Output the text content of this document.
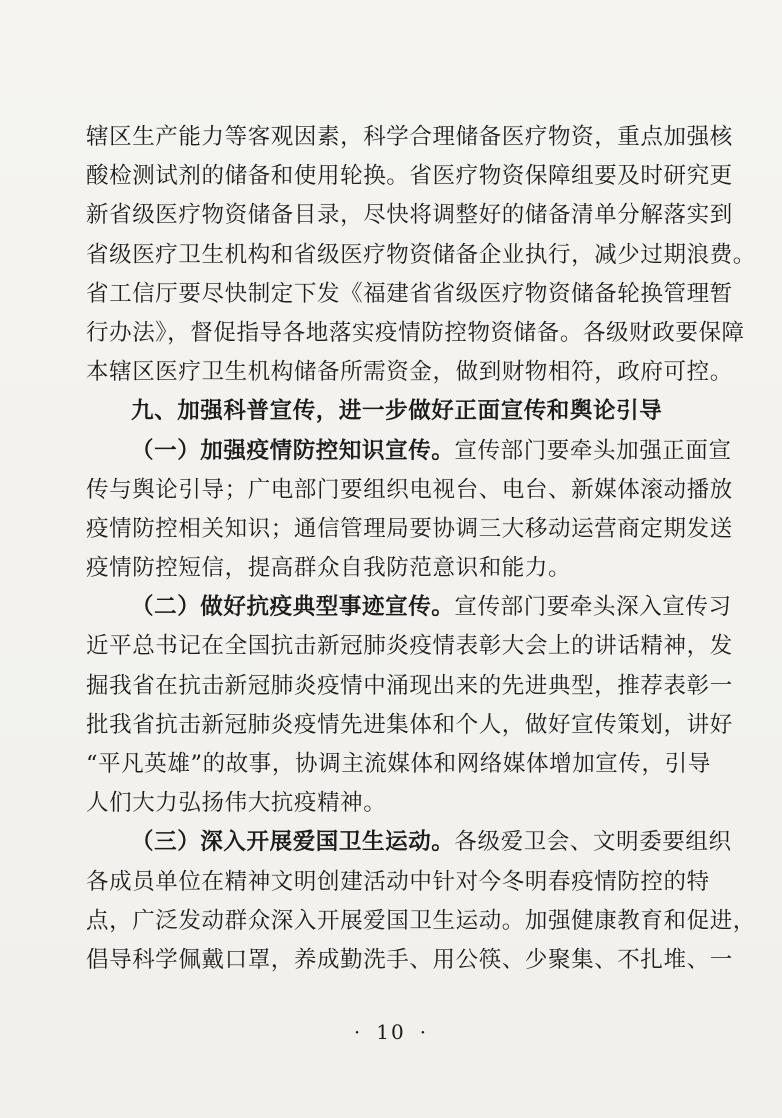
辖区生产能力等客观因素，科学合理储备医疗物资，重点加强核
酸检测试剂的储备和使用轮换。省医疗物资保障组要及时研究更
新省级医疗物资储备目录，尽快将调整好的储备清单分解落实到
省级医疗卫生机构和省级医疗物资储备企业执行，减少过期浪费。
省工信厅要尽快制定下发《福建省省级医疗物资储备轮换管理暂
行办法》，督促指导各地落实疫情防控物资储备。各级财政要保障
本辖区医疗卫生机构储备所需资金，做到财物相符，政府可控。
九、加强科普宣传，进一步做好正面宣传和舆论引导
（一）加强疫情防控知识宣传。宣传部门要牵头加强正面宣
传与舆论引导；广电部门要组织电视台、电台、新媒体滚动播放
疫情防控相关知识；通信管理局要协调三大移动运营商定期发送
疫情防控短信，提高群众自我防范意识和能力。
（二）做好抗疫典型事迹宣传。宣传部门要牵头深入宣传习
近平总书记在全国抗击新冠肺炎疫情表彰大会上的讲话精神，发
掘我省在抗击新冠肺炎疫情中涌现出来的先进典型，推荐表彰一
批我省抗击新冠肺炎疫情先进集体和个人，做好宣传策划，讲好
“平凡英雄”的故事，协调主流媒体和网络媒体增加宣传，引导
人们大力弘扬伟大抗疫精神。
（三）深入开展爱国卫生运动。各级爱卫会、文明委要组织
各成员单位在精神文明创建活动中针对今冬明春疫情防控的特
点，广泛发动群众深入开展爱国卫生运动。加强健康教育和促进，
倡导科学佩戴口罩，养成勤洗手、用公筷、少聚集、不扎堆、一
· 10 ·
